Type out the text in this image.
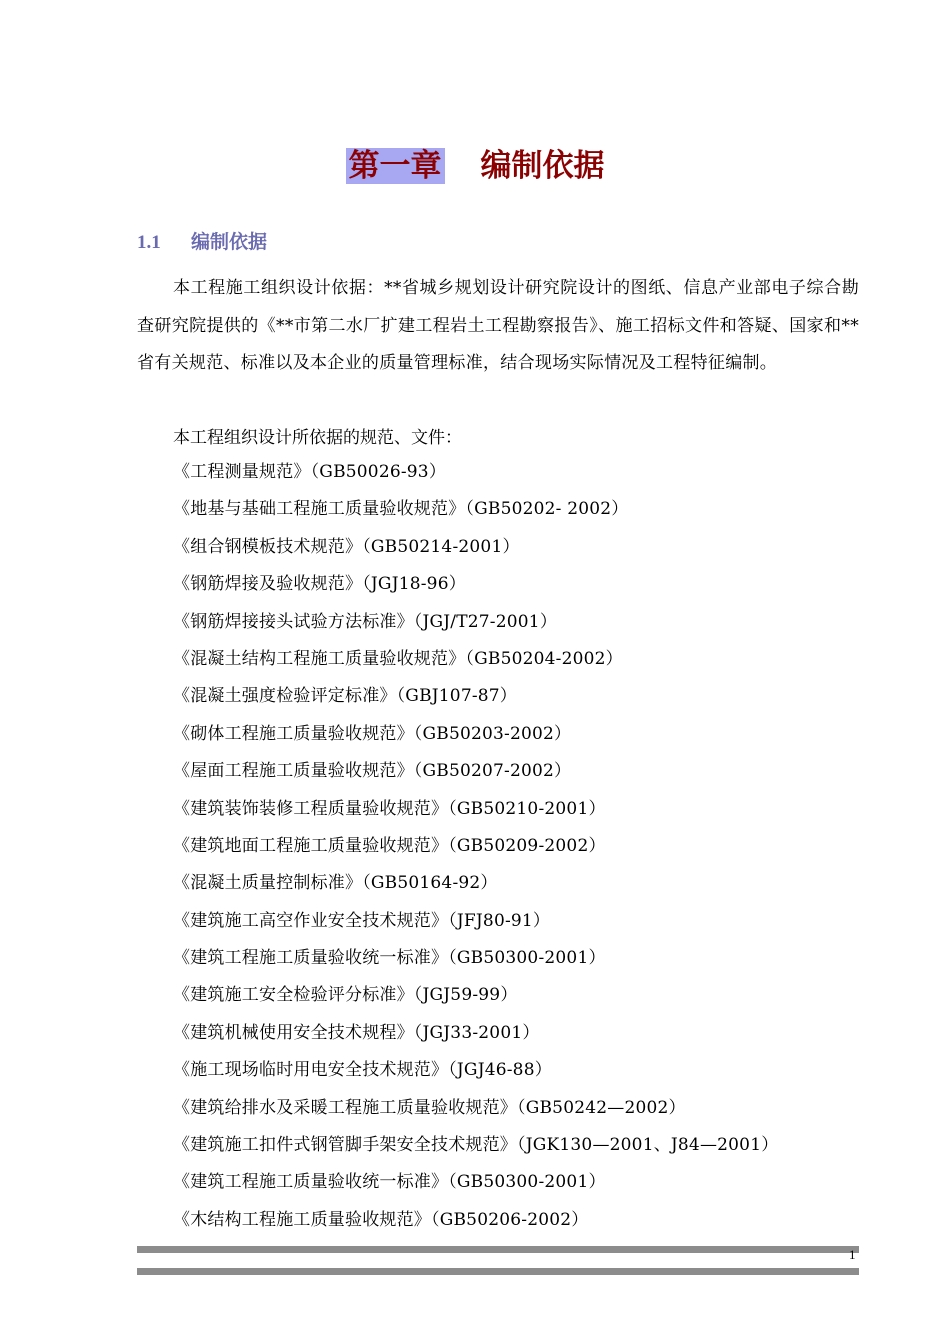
第一章 编制依据
1.1 编制依据

本工程施工组织设计依据：**省城乡规划设计研究院设计的图纸、信息产业部电子综合勘查研究院提供的《**市第二水厂扩建工程岩土工程勘察报告》、施工招标文件和答疑、国家和**省有关规范、标准以及本企业的质量管理标准，结合现场实际情况及工程特征编制。

本工程组织设计所依据的规范、文件：

《工程测量规范》（GB50026-93）
《地基与基础工程施工质量验收规范》（GB50202- 2002）
《组合钢模板技术规范》（GB50214-2001）
《钢筋焊接及验收规范》（JGJ18-96）
《钢筋焊接接头试验方法标准》（JGJ/T27-2001）
《混凝土结构工程施工质量验收规范》（GB50204-2002）
《混凝土强度检验评定标准》（GBJ107-87）
《砌体工程施工质量验收规范》（GB50203-2002）
《屋面工程施工质量验收规范》（GB50207-2002）
《建筑装饰装修工程质量验收规范》（GB50210-2001）
《建筑地面工程施工质量验收规范》（GB50209-2002）
《混凝土质量控制标准》（GB50164-92）
《建筑施工高空作业安全技术规范》（JFJ80-91）
《建筑工程施工质量验收统一标准》（GB50300-2001）
《建筑施工安全检验评分标准》（JGJ59-99）
《建筑机械使用安全技术规程》（JGJ33-2001）
《施工现场临时用电安全技术规范》（JGJ46-88）
《建筑给排水及采暖工程施工质量验收规范》（GB50242—2002）
《建筑施工扣件式钢管脚手架安全技术规范》（JGK130—2001、J84—2001）
《建筑工程施工质量验收统一标准》（GB50300-2001）
《木结构工程施工质量验收规范》（GB50206-2002）
1
